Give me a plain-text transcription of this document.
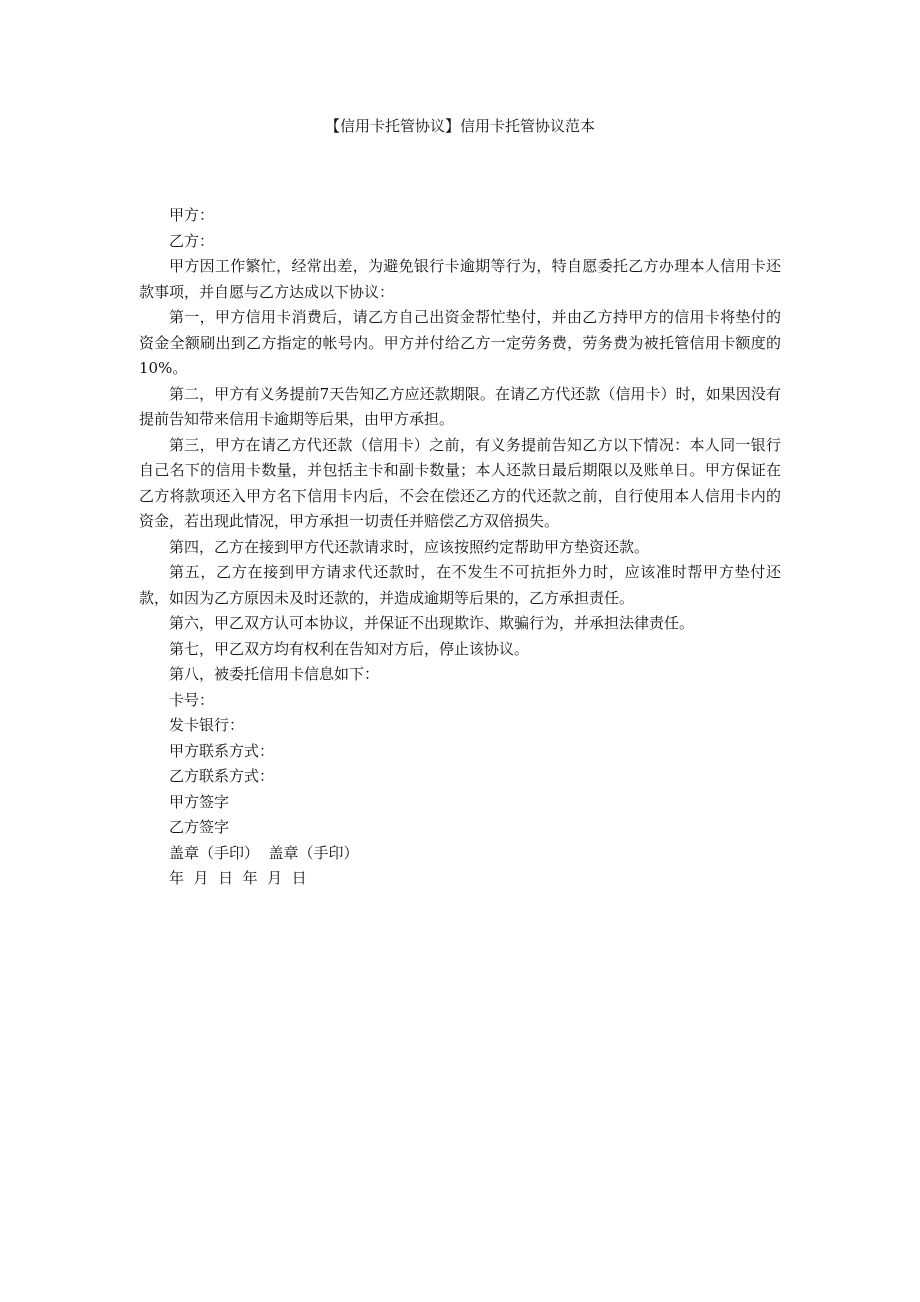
【信用卡托管协议】信用卡托管协议范本

甲方：

乙方：

甲方因工作繁忙，经常出差，为避免银行卡逾期等行为，特自愿委托乙方办理本人信用卡还款事项，并自愿与乙方达成以下协议：

第一，甲方信用卡消费后，请乙方自己出资金帮忙垫付，并由乙方持甲方的信用卡将垫付的资金全额刷出到乙方指定的帐号内。甲方并付给乙方一定劳务费，劳务费为被托管信用卡额度的10%。

第二，甲方有义务提前7天告知乙方应还款期限。在请乙方代还款（信用卡）时，如果因没有提前告知带来信用卡逾期等后果，由甲方承担。

第三，甲方在请乙方代还款（信用卡）之前，有义务提前告知乙方以下情况：本人同一银行自己名下的信用卡数量，并包括主卡和副卡数量；本人还款日最后期限以及账单日。甲方保证在乙方将款项还入甲方名下信用卡内后，不会在偿还乙方的代还款之前，自行使用本人信用卡内的资金，若出现此情况，甲方承担一切责任并赔偿乙方双倍损失。

第四，乙方在接到甲方代还款请求时，应该按照约定帮助甲方垫资还款。

第五，乙方在接到甲方请求代还款时，在不发生不可抗拒外力时，应该准时帮甲方垫付还款，如因为乙方原因未及时还款的，并造成逾期等后果的，乙方承担责任。

第六，甲乙双方认可本协议，并保证不出现欺诈、欺骗行为，并承担法律责任。

第七，甲乙双方均有权利在告知对方后，停止该协议。

第八，被委托信用卡信息如下：

卡号：

发卡银行：

甲方联系方式：

乙方联系方式：

甲方签字

乙方签字

盖章（手印）  盖章（手印）

年  月  日  年  月  日
